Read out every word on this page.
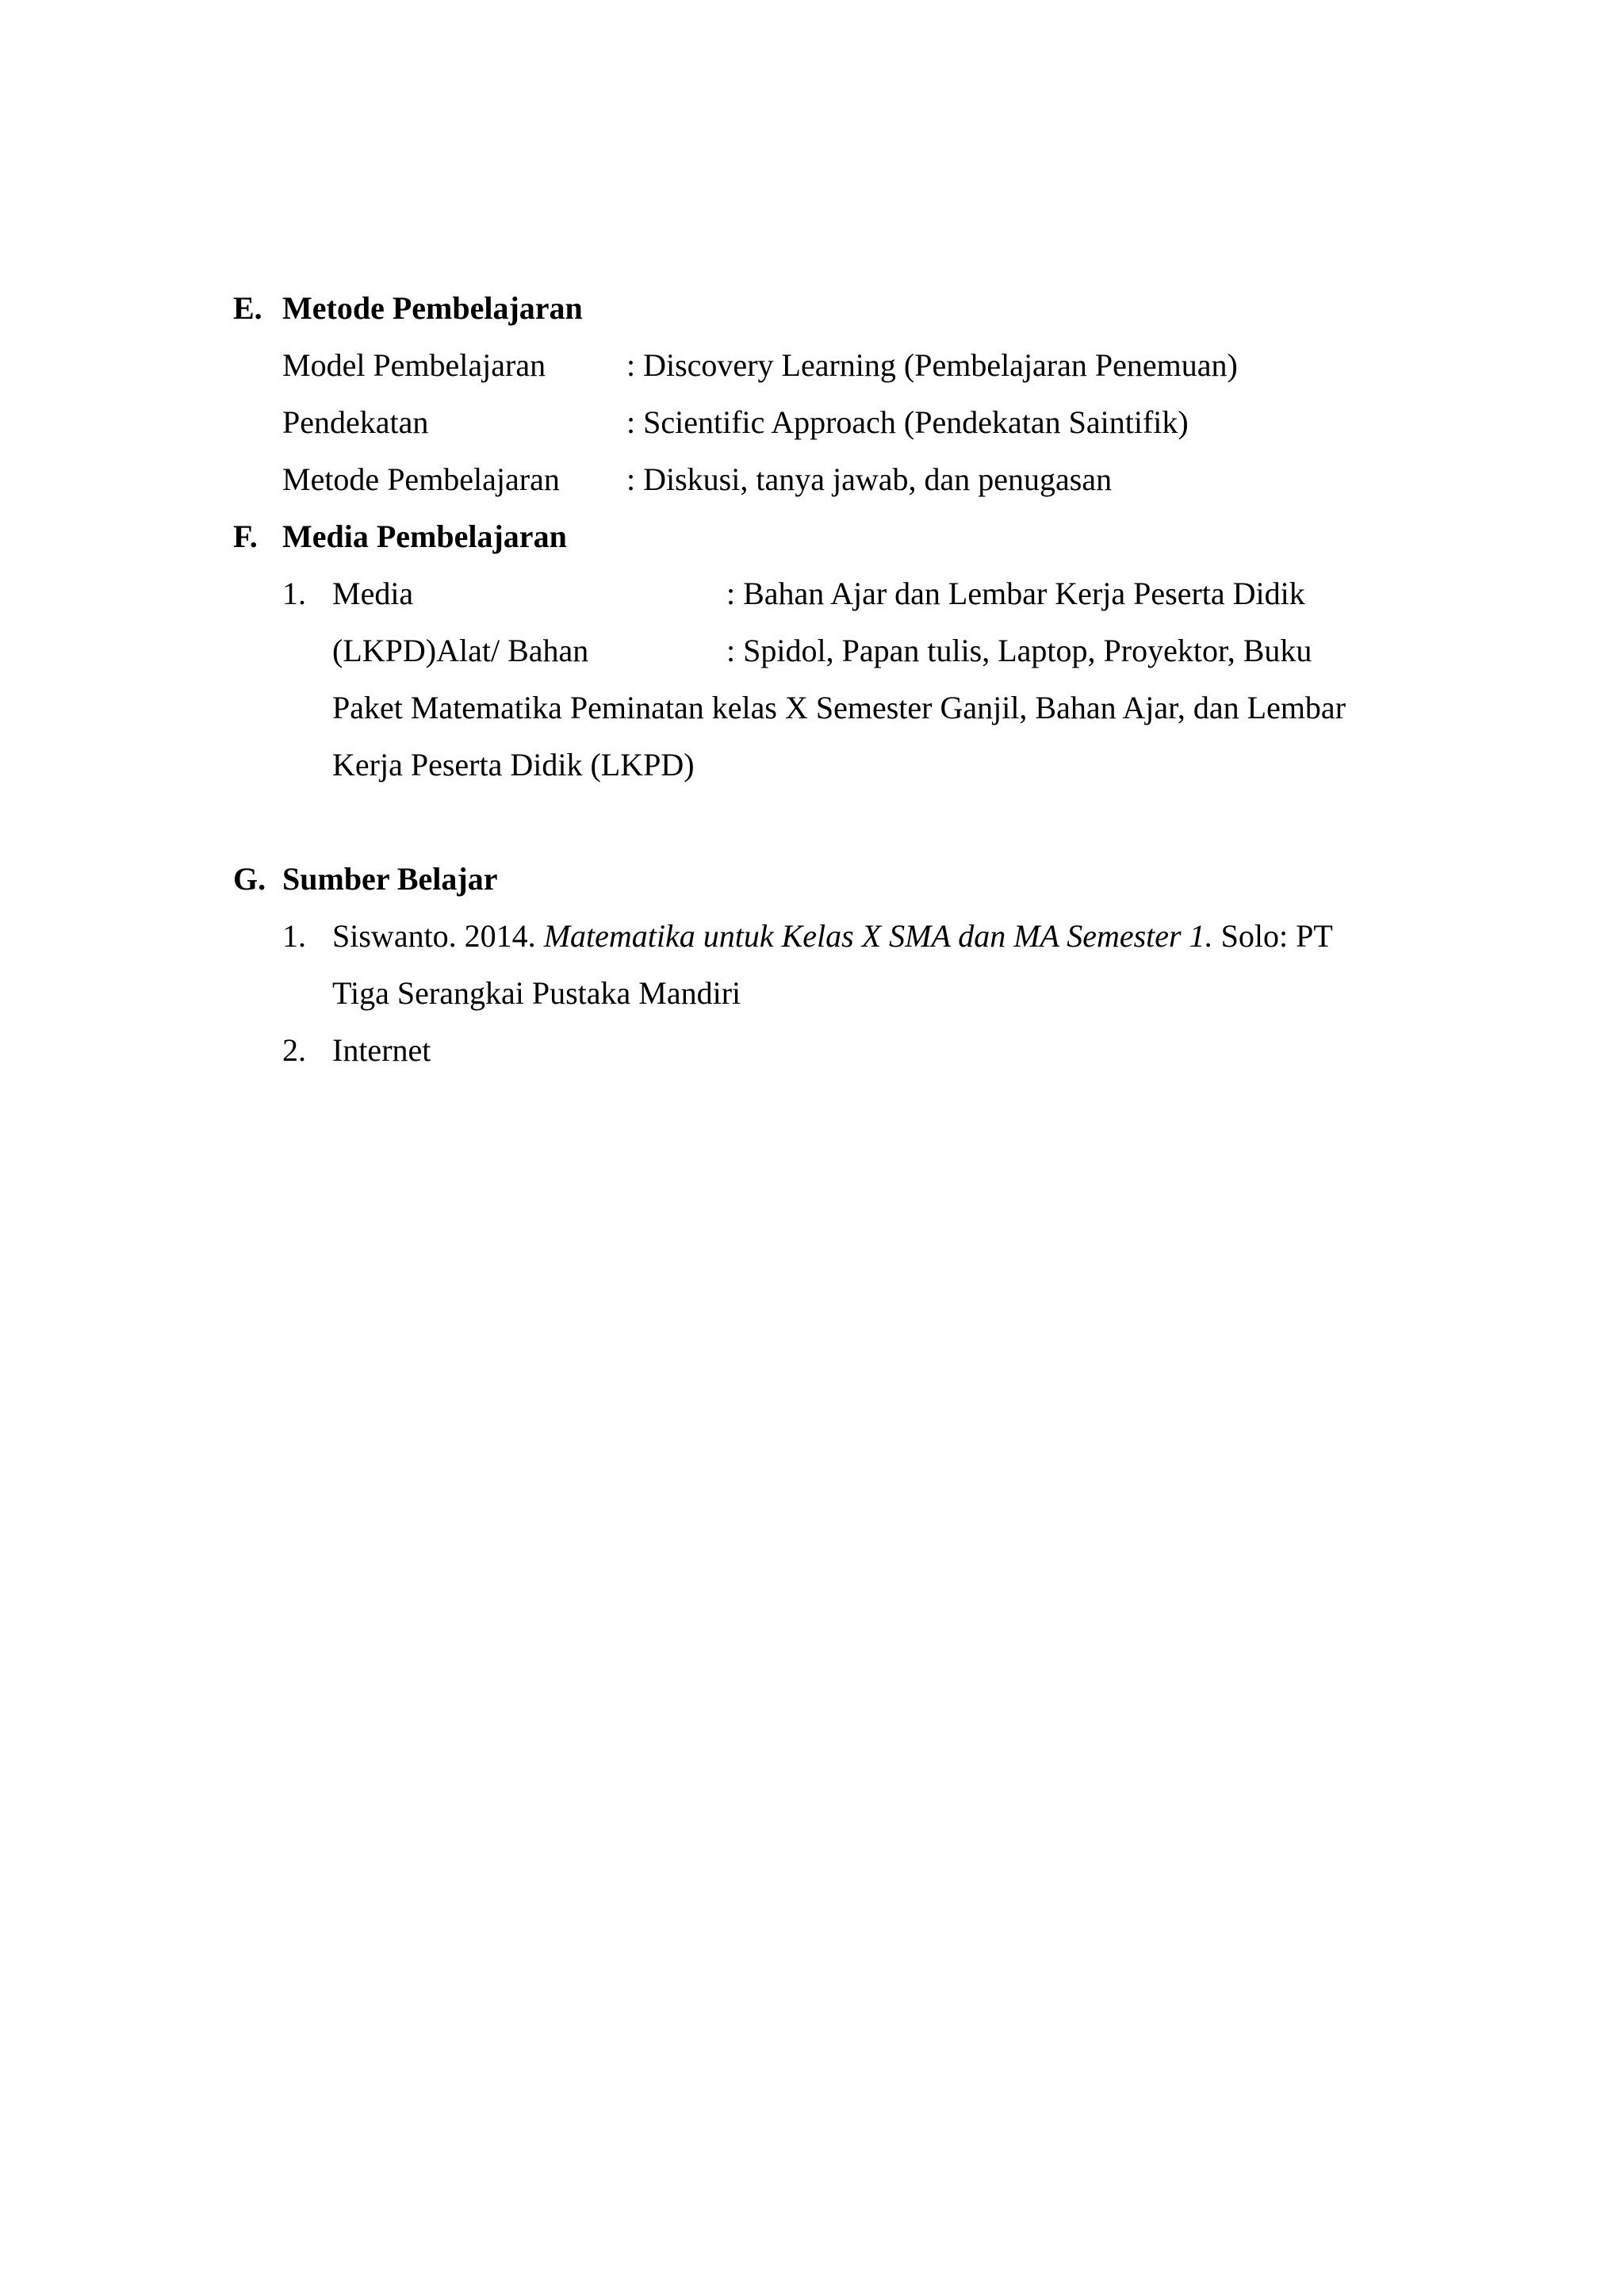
E. Metode Pembelajaran
Model Pembelajaran	: Discovery Learning (Pembelajaran Penemuan)
Pendekatan	: Scientific Approach (Pendekatan Saintifik)
Metode Pembelajaran : Diskusi, tanya jawab, dan penugasan
F. Media Pembelajaran
1. Media	: Bahan Ajar dan Lembar Kerja Peserta Didik
(LKPD)Alat/ Bahan	: Spidol, Papan tulis, Laptop, Proyektor, Buku
Paket Matematika Peminatan kelas X Semester Ganjil, Bahan Ajar, dan Lembar
Kerja Peserta Didik (LKPD)
G. Sumber Belajar
1. Siswanto. 2014. Matematika untuk Kelas X SMA dan MA Semester 1. Solo: PT
Tiga Serangkai Pustaka Mandiri
2. Internet
